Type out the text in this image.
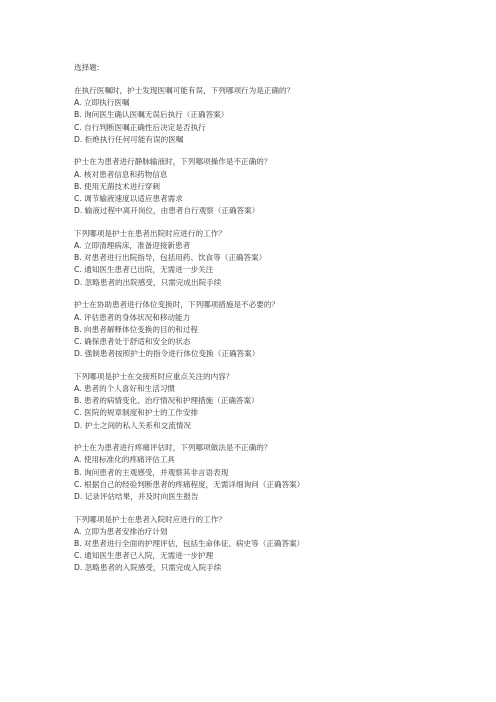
选择题:
在执行医嘱时，护士发现医嘱可能有误，下列哪项行为是正确的？
A. 立即执行医嘱
B. 询问医生确认医嘱无误后执行（正确答案）
C. 自行判断医嘱正确性后决定是否执行
D. 拒绝执行任何可能有误的医嘱
护士在为患者进行静脉输液时，下列哪项操作是不正确的？
A. 核对患者信息和药物信息
B. 使用无菌技术进行穿刺
C. 调节输液速度以适应患者需求
D. 输液过程中离开岗位，由患者自行观察（正确答案）
下列哪项是护士在患者出院时应进行的工作？
A. 立即清理病床，准备迎接新患者
B. 对患者进行出院指导，包括用药、饮食等（正确答案）
C. 通知医生患者已出院，无需进一步关注
D. 忽略患者的出院感受，只需完成出院手续
护士在协助患者进行体位变换时，下列哪项措施是不必要的？
A. 评估患者的身体状况和移动能力
B. 向患者解释体位变换的目的和过程
C. 确保患者处于舒适和安全的状态
D. 强制患者按照护士的指令进行体位变换（正确答案）
下列哪项是护士在交接班时应重点关注的内容？
A. 患者的个人喜好和生活习惯
B. 患者的病情变化、治疗情况和护理措施（正确答案）
C. 医院的规章制度和护士的工作安排
D. 护士之间的私人关系和交流情况
护士在为患者进行疼痛评估时，下列哪项做法是不正确的？
A. 使用标准化的疼痛评估工具
B. 询问患者的主观感受，并观察其非言语表现
C. 根据自己的经验判断患者的疼痛程度，无需详细询问（正确答案）
D. 记录评估结果，并及时向医生报告
下列哪项是护士在患者入院时应进行的工作？
A. 立即为患者安排治疗计划
B. 对患者进行全面的护理评估，包括生命体征、病史等（正确答案）
C. 通知医生患者已入院，无需进一步护理
D. 忽略患者的入院感受，只需完成入院手续
